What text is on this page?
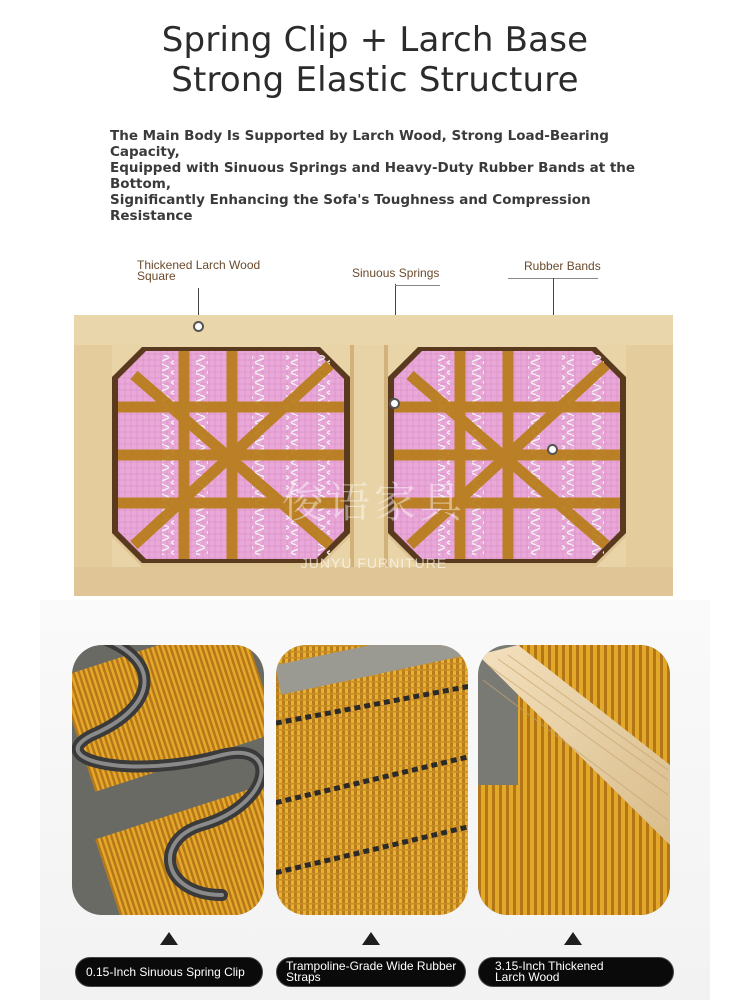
Spring Clip + Larch Base
Strong Elastic Structure
The Main Body Is Supported by Larch Wood, Strong Load-Bearing Capacity,
Equipped with Sinuous Springs and Heavy-Duty Rubber Bands at the Bottom,
Significantly Enhancing the Sofa's Toughness and Compression Resistance
Thickened Larch Wood
Square	Sinuous Springs	Rubber Bands
俊语家具
JUNYU FURNITURE
0.15-Inch Sinuous Spring Clip	Trampoline-Grade Wide Rubber
Straps
3.15-Inch Thickened
Larch Wood
